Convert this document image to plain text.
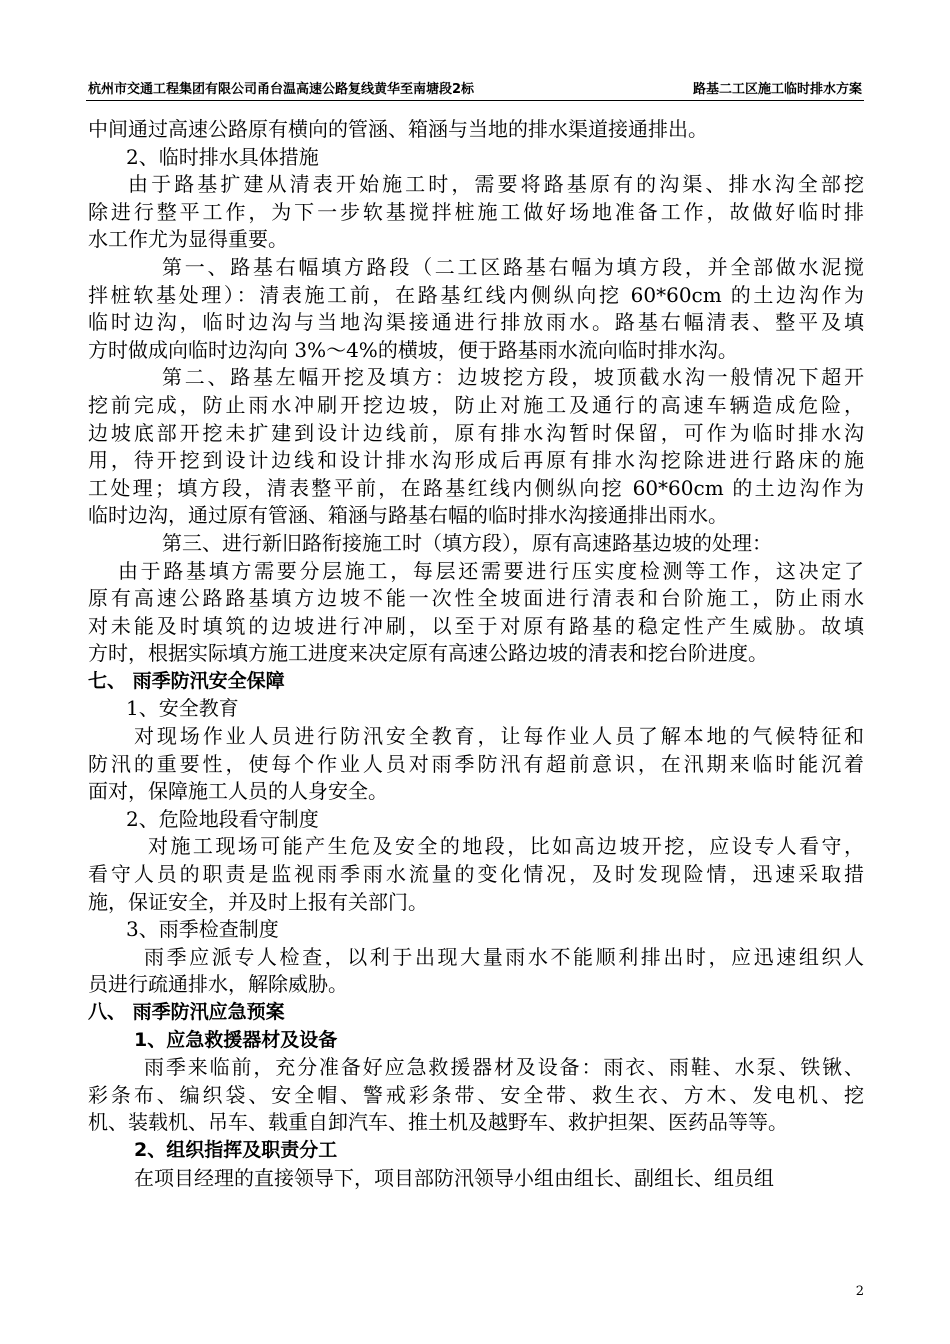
杭州市交通工程集团有限公司甬台温高速公路复线黄华至南塘段2标	路基二工区施工临时排水方案
中间通过高速公路原有横向的管涵、箱涵与当地的排水渠道接通排出。
2、临时排水具体措施
由于路基扩建从清表开始施工时，需要将路基原有的沟渠、排水沟全部挖
除进行整平工作，为下一步软基搅拌桩施工做好场地准备工作，故做好临时排
水工作尤为显得重要。
第一、路基右幅填方路段（二工区路基右幅为填方段，并全部做水泥搅
拌桩软基处理）：清表施工前，在路基红线内侧纵向挖 60*60cm 的土边沟作为
临时边沟，临时边沟与当地沟渠接通进行排放雨水。路基右幅清表、整平及填
方时做成向临时边沟向 3%～4%的横坡，便于路基雨水流向临时排水沟。
第二、路基左幅开挖及填方：边坡挖方段，坡顶截水沟一般情况下超开
挖前完成，防止雨水冲刷开挖边坡，防止对施工及通行的高速车辆造成危险，
边坡底部开挖未扩建到设计边线前，原有排水沟暂时保留，可作为临时排水沟
用，待开挖到设计边线和设计排水沟形成后再原有排水沟挖除进进行路床的施
工处理；填方段，清表整平前，在路基红线内侧纵向挖 60*60cm 的土边沟作为
临时边沟，通过原有管涵、箱涵与路基右幅的临时排水沟接通排出雨水。
第三、进行新旧路衔接施工时（填方段），原有高速路基边坡的处理：
由于路基填方需要分层施工，每层还需要进行压实度检测等工作，这决定了
原有高速公路路基填方边坡不能一次性全坡面进行清表和台阶施工，防止雨水
对未能及时填筑的边坡进行冲刷，以至于对原有路基的稳定性产生威胁。故填
方时，根据实际填方施工进度来决定原有高速公路边坡的清表和挖台阶进度。
七、 雨季防汛安全保障
1、安全教育
对现场作业人员进行防汛安全教育，让每作业人员了解本地的气候特征和
防汛的重要性，使每个作业人员对雨季防汛有超前意识，在汛期来临时能沉着
面对，保障施工人员的人身安全。
2、危险地段看守制度
对施工现场可能产生危及安全的地段，比如高边坡开挖，应设专人看守，
看守人员的职责是监视雨季雨水流量的变化情况，及时发现险情，迅速采取措
施，保证安全，并及时上报有关部门。
3、雨季检查制度
雨季应派专人检查，以利于出现大量雨水不能顺利排出时，应迅速组织人
员进行疏通排水，解除威胁。
八、 雨季防汛应急预案
1、应急救援器材及设备
雨季来临前，充分准备好应急救援器材及设备：雨衣、雨鞋、水泵、铁锹、
彩条布、编织袋、安全帽、警戒彩条带、安全带、救生衣、方木、发电机、挖
机、装载机、吊车、载重自卸汽车、推土机及越野车、救护担架、医药品等等。
2、组织指挥及职责分工
在项目经理的直接领导下，项目部防汛领导小组由组长、副组长、组员组
2
